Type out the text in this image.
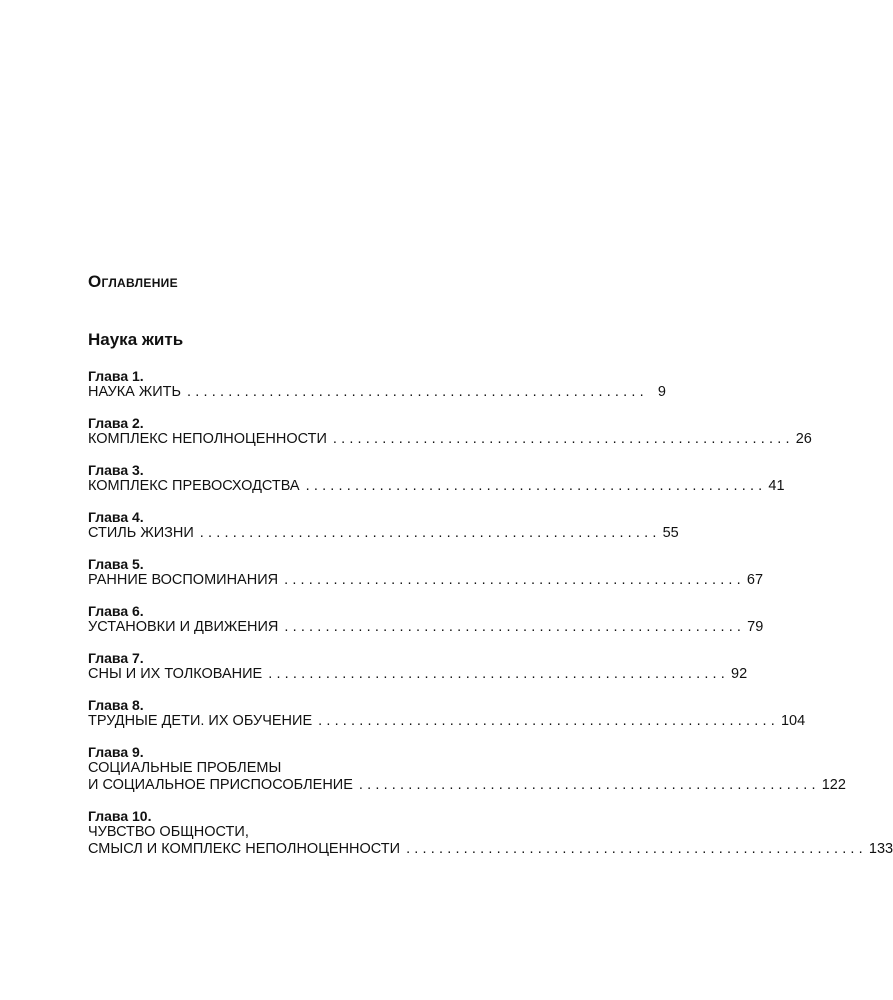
Оглавление
Наука жить
Глава 1.
НАУКА ЖИТЬ ........................................................ 9
Глава 2.
КОМПЛЕКС НЕПОЛНОЦЕННОСТИ ........................................................ 26
Глава 3.
КОМПЛЕКС ПРЕВОСХОДСТВА ........................................................ 41
Глава 4.
СТИЛЬ ЖИЗНИ ........................................................ 55
Глава 5.
РАННИЕ ВОСПОМИНАНИЯ ........................................................ 67
Глава 6.
УСТАНОВКИ И ДВИЖЕНИЯ ........................................................ 79
Глава 7.
СНЫ И ИХ ТОЛКОВАНИЕ ........................................................ 92
Глава 8.
ТРУДНЫЕ ДЕТИ. ИХ ОБУЧЕНИЕ ........................................................ 104
Глава 9.
СОЦИАЛЬНЫЕ ПРОБЛЕМЫ
И СОЦИАЛЬНОЕ ПРИСПОСОБЛЕНИЕ ........................................................ 122
Глава 10.
ЧУВСТВО ОБЩНОСТИ,
СМЫСЛ И КОМПЛЕКС НЕПОЛНОЦЕННОСТИ ........................................................ 133
